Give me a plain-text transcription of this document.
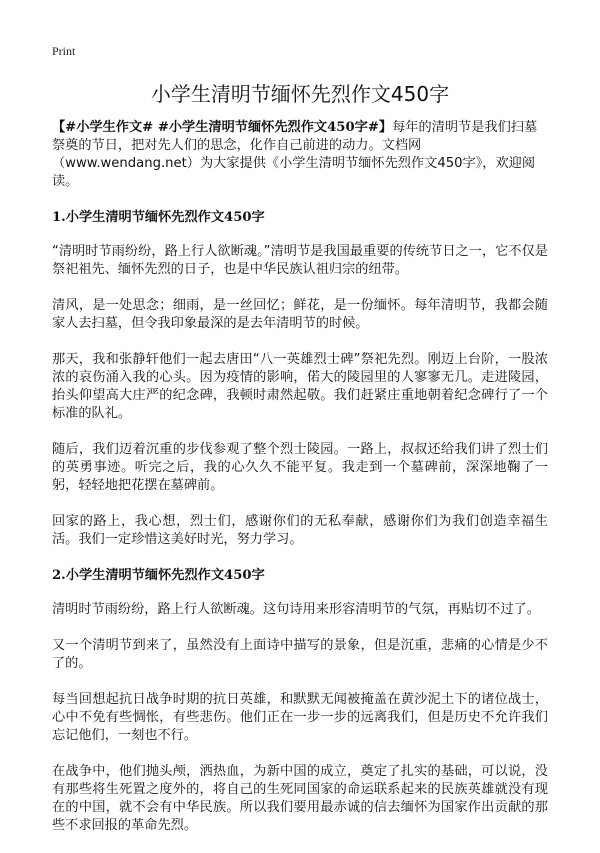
Print
小学生清明节缅怀先烈作文450字

【#小学生作文# #小学生清明节缅怀先烈作文450字#】每年的清明节是我们扫墓祭奠的节日，把对先人们的思念，化作自己前进的动力。文档网（www.wendang.net）为大家提供《小学生清明节缅怀先烈作文450字》，欢迎阅读。

1.小学生清明节缅怀先烈作文450字

“清明时节雨纷纷，路上行人欲断魂。”清明节是我国最重要的传统节日之一，它不仅是祭祀祖先、缅怀先烈的日子，也是中华民族认祖归宗的纽带。

清风，是一处思念；细雨，是一丝回忆；鲜花，是一份缅怀。每年清明节，我都会随家人去扫墓，但令我印象最深的是去年清明节的时候。

那天，我和张静轩他们一起去唐田“八一英雄烈士碑”祭祀先烈。刚迈上台阶，一股浓浓的哀伤涌入我的心头。因为疫情的影响，偌大的陵园里的人寥寥无几。走进陵园，抬头仰望高大庄严的纪念碑，我顿时肃然起敬。我们赶紧庄重地朝着纪念碑行了一个标准的队礼。

随后，我们迈着沉重的步伐参观了整个烈士陵园。一路上，叔叔还给我们讲了烈士们的英勇事迹。听完之后，我的心久久不能平复。我走到一个墓碑前，深深地鞠了一躬，轻轻地把花摆在墓碑前。

回家的路上，我心想，烈士们，感谢你们的无私奉献，感谢你们为我们创造幸福生活。我们一定珍惜这美好时光，努力学习。

2.小学生清明节缅怀先烈作文450字

清明时节雨纷纷，路上行人欲断魂。这句诗用来形容清明节的气氛，再贴切不过了。

又一个清明节到来了，虽然没有上面诗中描写的景象，但是沉重，悲痛的心情是少不了的。

每当回想起抗日战争时期的抗日英雄，和默默无闻被掩盖在黄沙泥土下的诸位战士，心中不免有些惆怅，有些悲伤。他们正在一步一步的远离我们，但是历史不允许我们忘记他们，一刻也不行。

在战争中，他们抛头颅，洒热血，为新中国的成立，奠定了扎实的基础，可以说，没有那些将生死置之度外的，将自己的生死同国家的命运联系起来的民族英雄就没有现在的中国，就不会有中华民族。所以我们要用最赤诚的信去缅怀为国家作出贡献的那些不求回报的革命先烈。
